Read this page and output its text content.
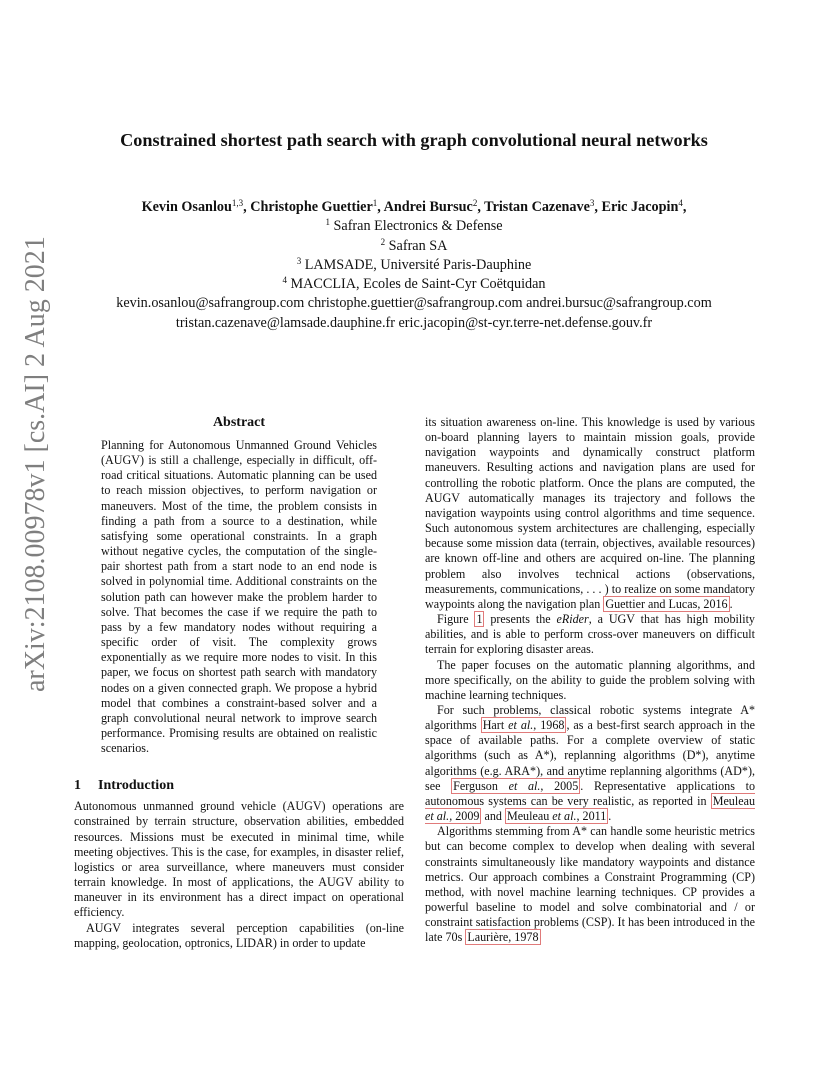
arXiv:2108.00978v1 [cs.AI] 2 Aug 2021
Constrained shortest path search with graph convolutional neural networks
Kevin Osanlou$^{1,3}$, Christophe Guettier$^1$, Andrei Bursuc$^2$, Tristan Cazenave$^3$, Eric Jacopin$^4$,
$^1$ Safran Electronics & Defense
$^2$ Safran SA
$^3$ LAMSADE, Université Paris-Dauphine
$^4$ MACCLIA, Ecoles de Saint-Cyr Coëtquidan
kevin.osanlou@safrangroup.com christophe.guettier@safrangroup.com andrei.bursuc@safrangroup.com
tristan.cazenave@lamsade.dauphine.fr eric.jacopin@st-cyr.terre-net.defense.gouv.fr
Abstract

Planning for Autonomous Unmanned Ground Vehicles (AUGV) is still a challenge, especially in difficult, off-road critical situations. Automatic planning can be used to reach mission objectives, to perform navigation or maneuvers. Most of the time, the problem consists in finding a path from a source to a destination, while satisfying some operational constraints. In a graph without negative cycles, the computation of the single-pair shortest path from a start node to an end node is solved in polynomial time. Additional constraints on the solution path can however make the problem harder to solve. That becomes the case if we require the path to pass by a few mandatory nodes without requiring a specific order of visit. The complexity grows exponentially as we require more nodes to visit. In this paper, we focus on shortest path search with mandatory nodes on a given connected graph. We propose a hybrid model that combines a constraint-based solver and a graph convolutional neural network to improve search performance. Promising results are obtained on realistic scenarios.

1 Introduction

Autonomous unmanned ground vehicle (AUGV) operations are constrained by terrain structure, observation abilities, embedded resources. Missions must be executed in minimal time, while meeting objectives. This is the case, for examples, in disaster relief, logistics or area surveillance, where maneuvers must consider terrain knowledge. In most of applications, the AUGV ability to maneuver in its environment has a direct impact on operational efficiency.

AUGV integrates several perception capabilities (on-line mapping, geolocation, optronics, LIDAR) in order to update

its situation awareness on-line. This knowledge is used by various on-board planning layers to maintain mission goals, provide navigation waypoints and dynamically construct platform maneuvers. Resulting actions and navigation plans are used for controlling the robotic platform. Once the plans are computed, the AUGV automatically manages its trajectory and follows the navigation waypoints using control algorithms and time sequence. Such autonomous system architectures are challenging, especially because some mission data (terrain, objectives, available resources) are known off-line and others are acquired on-line. The planning problem also involves technical actions (observations, measurements, communications, . . . ) to realize on some mandatory waypoints along the navigation plan Guettier and Lucas, 2016 .

Figure 1 presents the eRider, a UGV that has high mobility abilities, and is able to perform cross-over maneuvers on difficult terrain for exploring disaster areas.

The paper focuses on the automatic planning algorithms, and more specifically, on the ability to guide the problem solving with machine learning techniques.

For such problems, classical robotic systems integrate A* algorithms Hart et al., 1968 , as a best-first search approach in the space of available paths. For a complete overview of static algorithms (such as A*), replanning algorithms (D*), anytime algorithms (e.g. ARA*), and anytime replanning algorithms (AD*), see Ferguson et al., 2005 . Representative applications to autonomous systems can be very realistic, as reported in Meuleau et al., 2009 and Meuleau et al., 2011 .

Algorithms stemming from A* can handle some heuristic metrics but can become complex to develop when dealing with several constraints simultaneously like mandatory waypoints and distance metrics. Our approach combines a Constraint Programming (CP) method, with novel machine learning techniques. CP provides a powerful baseline to model and solve combinatorial and / or constraint satisfaction problems (CSP). It has been introduced in the late 70s Laurière, 1978
